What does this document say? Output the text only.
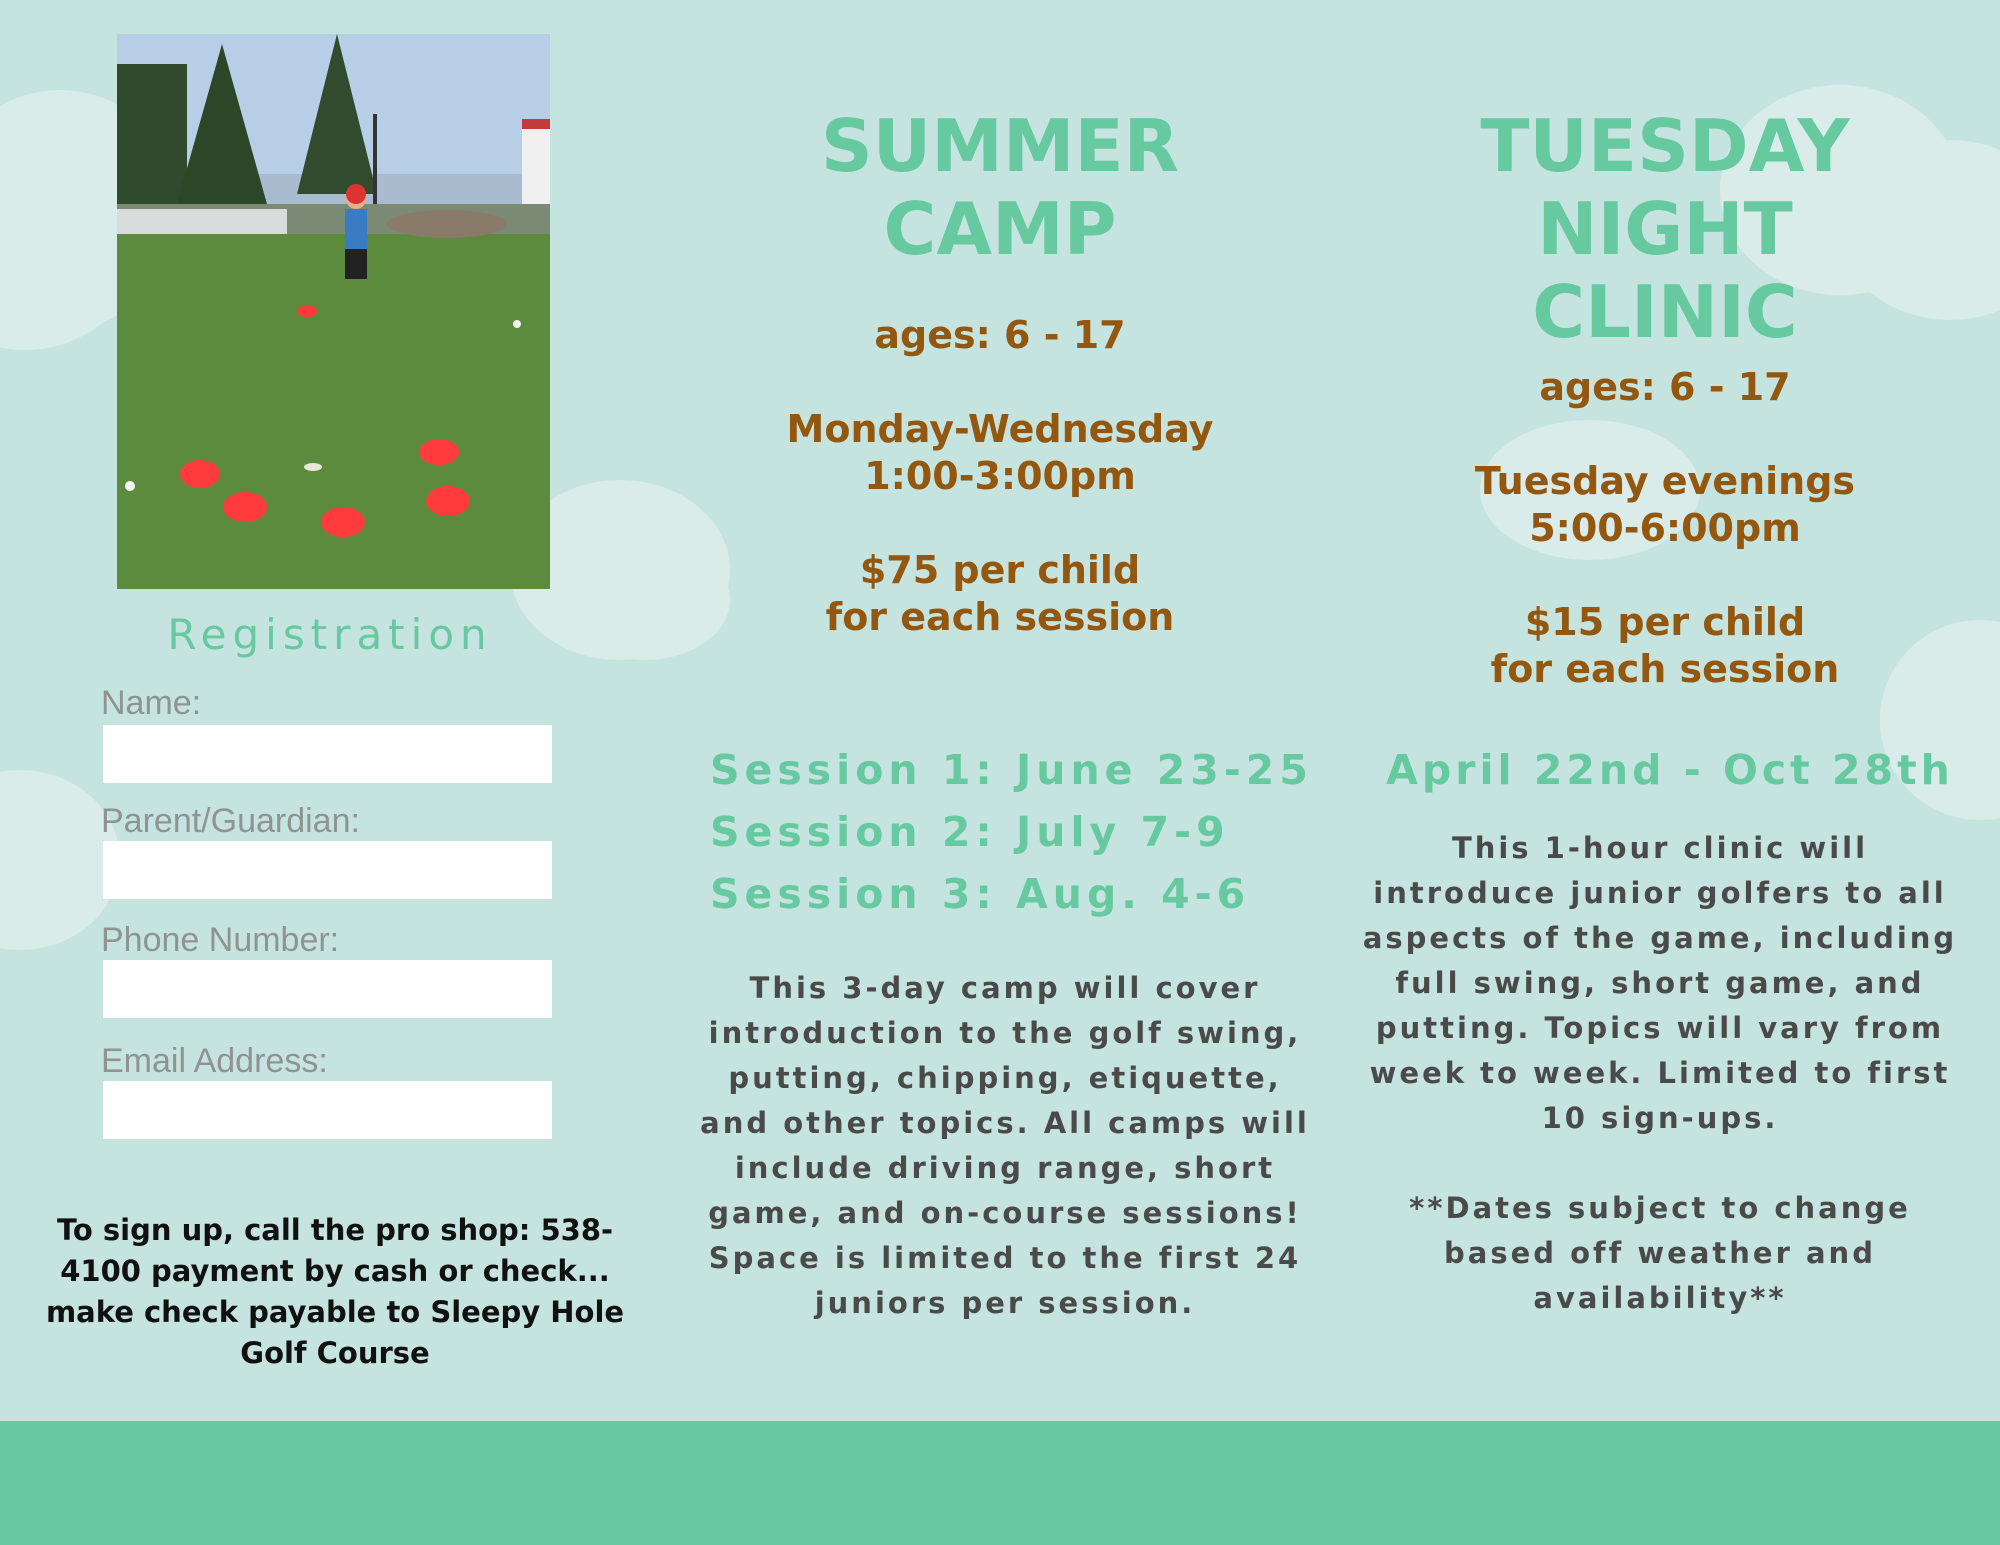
Registration
Name:
Parent/Guardian:
Phone Number:
Email Address:
To sign up, call the pro shop: 538-4100 payment by cash or check... make check payable to Sleepy Hole Golf Course

SUMMER

CAMP

ages: 6 - 17

Monday-Wednesday

1:00-3:00pm

$75 per child

for each session

Session 1: June 23-25

Session 2: July 7-9

Session 3: Aug. 4-6

This 3-day camp will cover introduction to the golf swing, putting, chipping, etiquette, and other topics. All camps will include driving range, short game, and on-course sessions! Space is limited to the first 24 juniors per session.

TUESDAY

NIGHT

CLINIC

ages: 6 - 17

Tuesday evenings

5:00-6:00pm

$15 per child

for each session

April 22nd - Oct 28th

This 1-hour clinic will introduce junior golfers to all aspects of the game, including full swing, short game, and putting. Topics will vary from week to week. Limited to first 10 sign-ups.

**Dates subject to change based off weather and availability**
